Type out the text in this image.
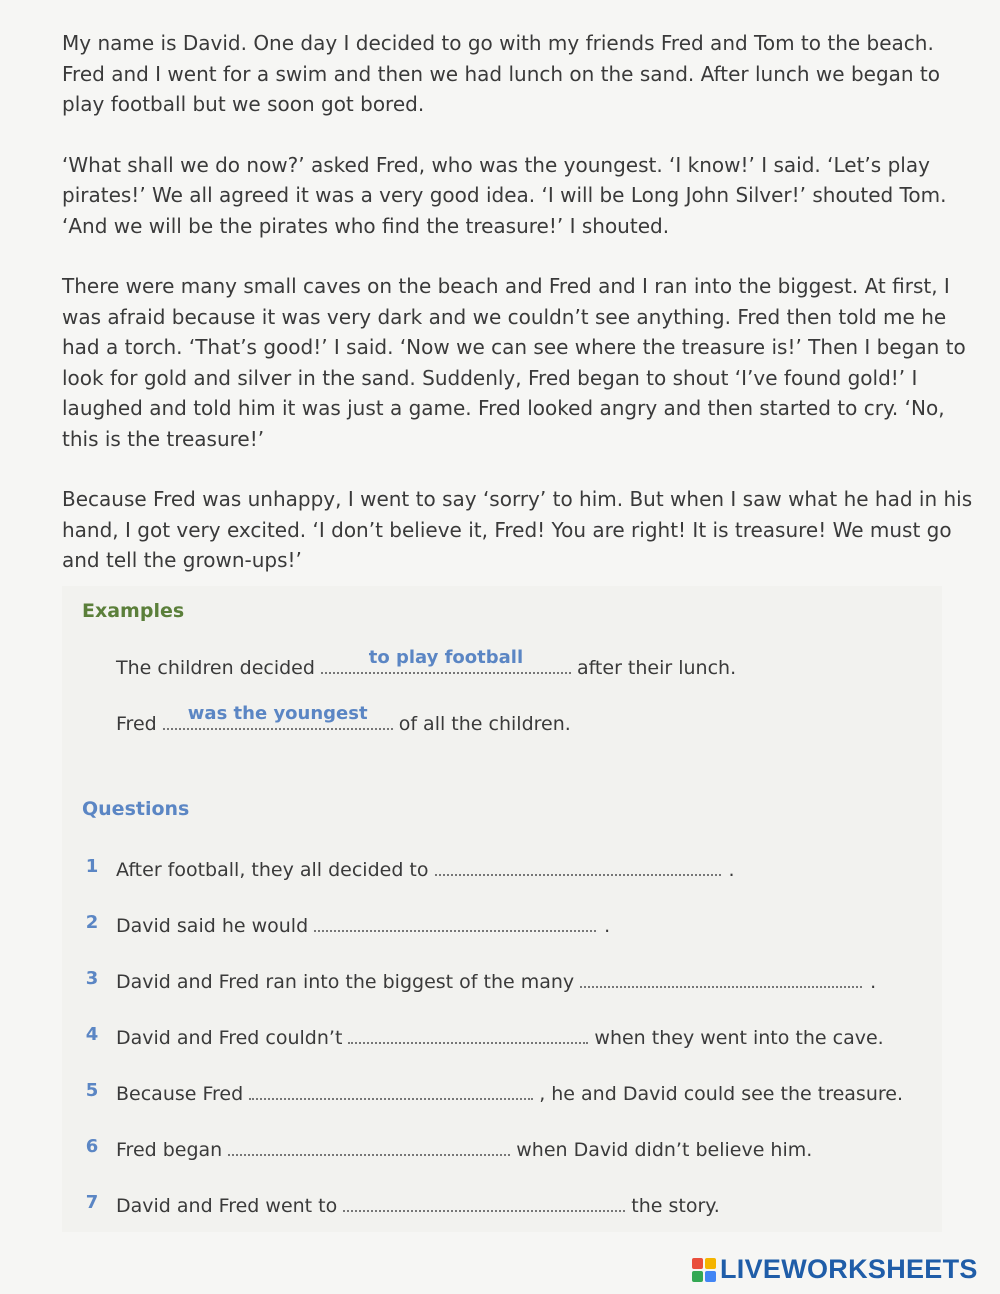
My name is David. One day I decided to go with my friends Fred and Tom to the beach. Fred and I went for a swim and then we had lunch on the sand. After lunch we began to play football but we soon got bored.

‘What shall we do now?’ asked Fred, who was the youngest. ‘I know!’ I said. ‘Let’s play pirates!’ We all agreed it was a very good idea. ‘I will be Long John Silver!’ shouted Tom. ‘And we will be the pirates who find the treasure!’ I shouted.

There were many small caves on the beach and Fred and I ran into the biggest. At first, I was afraid because it was very dark and we couldn’t see anything. Fred then told me he had a torch. ‘That’s good!’ I said. ‘Now we can see where the treasure is!’ Then I began to look for gold and silver in the sand. Suddenly, Fred began to shout ‘I’ve found gold!’ I laughed and told him it was just a game. Fred looked angry and then started to cry. ‘No, this is the treasure!’

Because Fred was unhappy, I went to say ‘sorry’ to him. But when I saw what he had in his hand, I got very excited. ‘I don’t believe it, Fred! You are right! It is treasure! We must go and tell the grown-ups!’

Examples
The children decided	to play football	after their lunch.
Fred	was the youngest	of all the children.
Questions
1 After football, they all decided to	.
2 David said he would	.
3 David and Fred ran into the biggest of the many	.
4 David and Fred couldn’t	when they went into the cave.
5 Because Fred	, he and David could see the treasure.
6 Fred began	when David didn’t believe him.
7 David and Fred went to	the story.
LIVEWORKSHEETS
